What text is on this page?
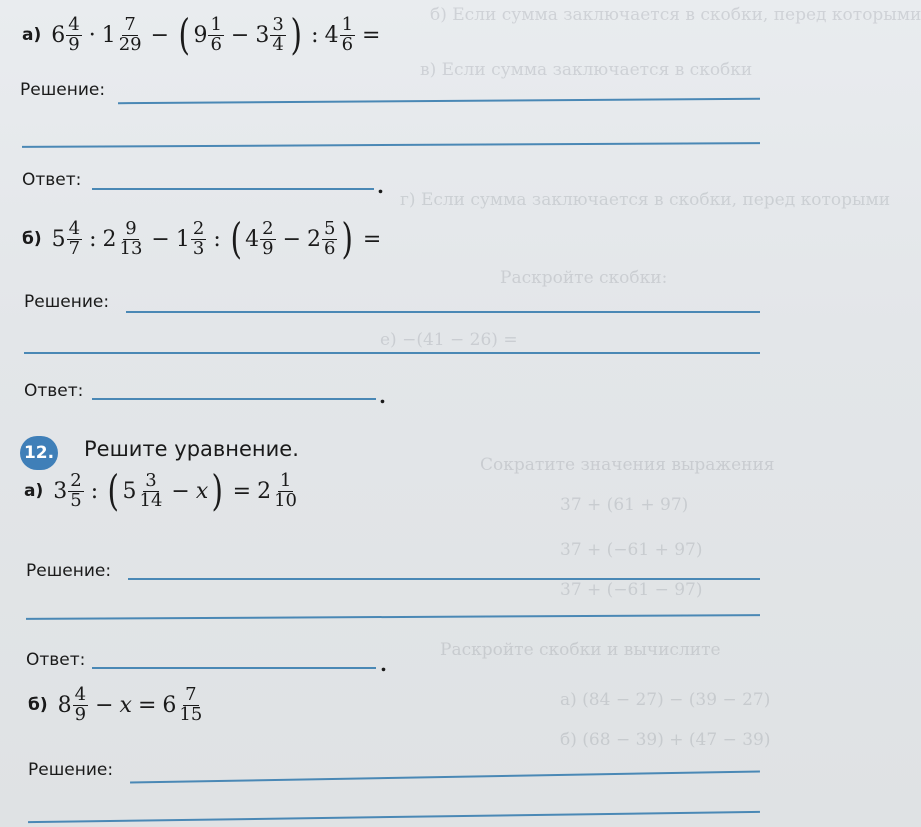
б) Если сумма заключается в скобки, перед которыми
в) Если сумма заключается в скобки
г) Если сумма заключается в скобки, перед которыми
Раскройте скобки:
е) −(41 − 26) =
Сократите значения выражения
37 + (61 + 97)
37 + (−61 + 97)
37 + (−61 − 97)
Раскройте скобки и вычислите
а) (84 − 27) − (39 − 27)
б) (68 − 39) + (47 − 39)
а) $6 \frac{4}{9} \cdot 1 \frac{7}{29}$ − ( $9 \frac{1}{6} - 3 \frac{3}{4}$ ) : $4 \frac{1}{6}$ =
Решение:
Ответ:	.
б) $5 \frac{4}{7}$ : $2 \frac{9}{13} - 1 \frac{2}{3}$ : ( $4 \frac{2}{9} - 2 \frac{5}{6}$ ) =
Решение:
Ответ:	.
12. Решите уравнение.
а) $3 \frac{2}{5}$ : ( $5 \frac{3}{14} - x$ ) = $2 \frac{1}{10}$
Решение:
Ответ:	.
б) $8 \frac{4}{9} - x = 6 \frac{7}{15}$
Решение:
